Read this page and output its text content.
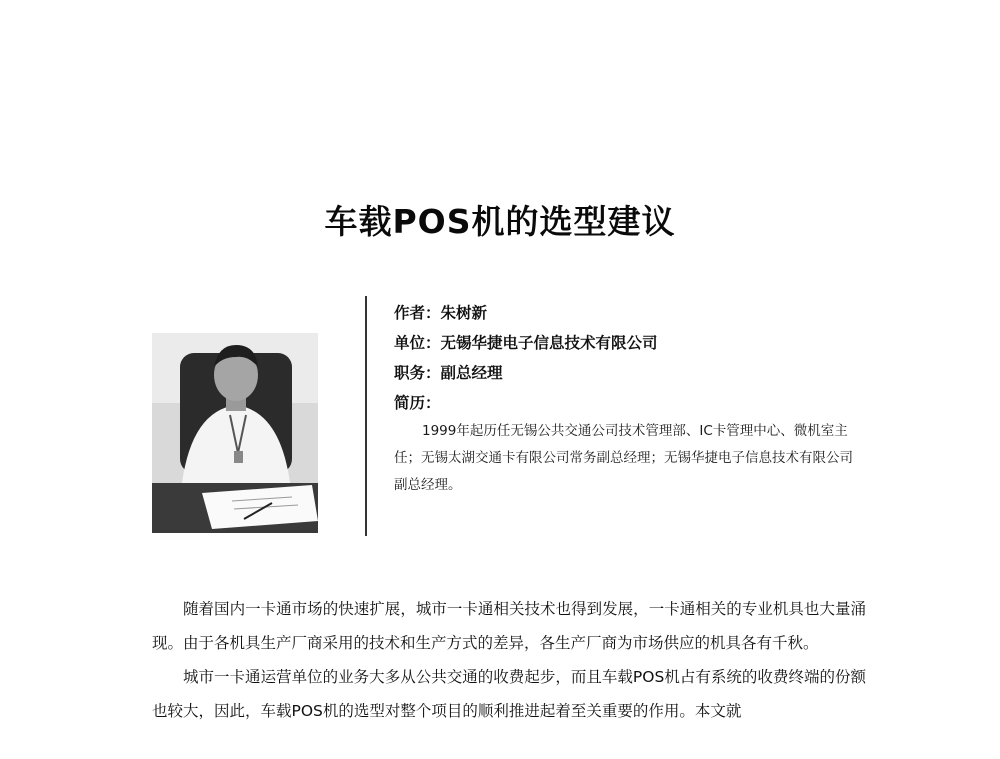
车载POS机的选型建议
作者：朱树新
单位：无锡华捷电子信息技术有限公司
职务：副总经理
简历：
1999年起历任无锡公共交通公司技术管理部、IC卡管理中心、微机室主任；无锡太湖交通卡有限公司常务副总经理；无锡华捷电子信息技术有限公司副总经理。

随着国内一卡通市场的快速扩展，城市一卡通相关技术也得到发展，一卡通相关的专业机具也大量涌现。由于各机具生产厂商采用的技术和生产方式的差异，各生产厂商为市场供应的机具各有千秋。

城市一卡通运营单位的业务大多从公共交通的收费起步，而且车载POS机占有系统的收费终端的份额也较大，因此，车载POS机的选型对整个项目的顺利推进起着至关重要的作用。本文就
